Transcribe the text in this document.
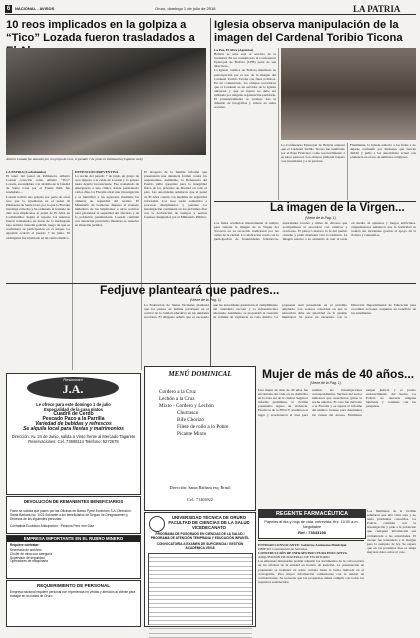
6	NACIONAL - AVISOS	Oruro, domingo 1 de julio de 2018	LA PATRIA
10 reos implicados en la golpiza a “Tico” Lozada fueron trasladados a
Alberto Lozada fue atacado por un grupo de reos, el pasado 7 de junio en Palmasola (Captura web).
LA PATRIA (Cochabamba)
El tenor del penal de Palmasola, Alberto Lozada conocido como Alberto “Tico” Lozada, excandidato a la alcaldía de la Ciudad de Santa Cruz por el Frente PAP, fue trasladado...
Lozada recibió una golpiza por parte de otros reos que lo agredieron en el penal de Palmasola de Santa Cruz, por lo que la Fiscalía investiga el hecho y ha ordenado el traslado de diez reos implicados al penal de El Abra en Cochabamba. Según el reporte, los internos fueron trasladados en horas de la madrugada bajo estricta custodia policial, luego de que se confirmara su participación en el ataque. La agresión ocurrió el pasado 7 de junio. El exdirigente fue internado en un centro médico.
DETENCIÓN PREVENTIVA
La noche del pasado 7 de junio un grupo de reos ingresó a la celda de Lozada y lo golpeó hasta dejarlo inconsciente. Fue trasladado de emergencia a una clínica donde permaneció varios días. La Fiscalía abrió una investigación y se identificó a los agresores mediante las cámaras de seguridad del recinto. El Ministerio de Gobierno dispuso el traslado inmediato de los implicados a otros recintos para garantizar la seguridad del afectado y de la población penitenciaria. Lozada continúa con detención preventiva mientras se resuelve su situación jurídica.
El abogado de la familia informó que presentarán una denuncia formal contra los responsables. Asimismo, la Defensoría del Pueblo pidió garantías para la integridad física de los privados de libertad en todo el país. Las autoridades señalaron que el penal de El Abra cuenta con medidas de seguridad reforzadas. Los reos serán sometidos a procesos disciplinarios y penales. La investigación continuará en los próximos días con la declaración de testigos y peritos forenses designados por el Ministerio Público.
Iglesia observa manipulación de la imagen del Cardenal Toribio Ticona
La Paz, El Abra (Agencias)
Bolivia se sabe está al servicio de la Sociedad. En un comunicado la Conferencia Episcopal de Bolivia (CEB) parte de sus directivos...
La Iglesia católica de Bolivia manifestó su preocupación por el uso de la imagen del Cardenal Toribio Ticona con fines políticos. En un comunicado, los obispos recordaron que el Cardenal es un servidor de la Iglesia universal y que su figura no debe ser utilizada por ninguna organización partidaria. El pronunciamiento se produjo tras la difusión de fotografías y videos en redes sociales.
La Conferencia Episcopal de Bolivia expresó que el Cardenal Toribio Ticona fue nombrado por el Papa Francisco como reconocimiento a su labor pastoral. Los obispos pidieron respeto a su investidura y a su persona.
Finalmente, la Iglesia exhortó a los fieles a no dejarse confundir por mensajes que buscan dividir y pidió a las autoridades actuar con prudencia en el uso de símbolos religiosos.
La imagen de la Virgen...
(Viene de la Pag. 1)
Los fieles acudieron masivamente al templo para venerar la imagen de la Virgen del Socavón en su recorrido tradicional por las calles de la ciudad. La celebración contó con la participación de fraternidades folklóricas, autoridades locales y miles de devotos que acompañaron la procesión con cánticos y oraciones. El párroco destacó la fe del pueblo orureño y pidió mantener viva la tradición. La imagen retornó a su santuario al caer la tarde en medio de aplausos y fuegos artificiales. Organizadores señalaron que la festividad se realizó sin incidentes gracias al apoyo de la Policía y voluntarios.
Fedjuve planteará que padres...
(Viene de la Pag. 1)
La Federación de Juntas Vecinales planteará que los padres de familia participen en el control de la calidad educativa en las unidades escolares. El dirigente señaló que es necesario que las autoridades garanticen el cumplimiento del calendario escolar y la infraestructura adecuada. Asimismo, se propondrá la creación de comités de vigilancia en cada distrito. La propuesta será presentada en el próximo ampliado. Los vecinos coinciden en que la educación debe ser prioridad en la gestión municipal. Se prevé un encuentro con la Dirección Departamental de Educación para coordinar acciones conjuntas en beneficio de los estudiantes.
Restaurant
J.A.
Le ofrece para este domingo 1 de julio
Especialidad de la casa platos
Cuadril de Cerdo
Pescado Paco a la Parrilla
Variedad de bebidas y refrescos
Se alquila local para fiestas y matrimonios
Dirección: Av. 24 de Junio, salida a Vinto frente al Mercado Tagarete
Reservaciones: Cel. 73609114 Telefono: 5272678
MENÚ DOMINICAL
Cordero a la Cruz
Lechón a la Cruz
Mixto - Cordero y Lechón
Churrasco
Bife Chorizo
Filete de rollo a lo Pobre
Picante Mixto
Dirección: Santa Bárbara esq. Brasil
Cel.: 71404922
Mujer de más de 40 años...
(Viene de la Pag. 1)
Una mujer de más de 40 años fue encontrada sin vida en su domicilio en la zona sur de la ciudad. Según el informe preliminar, la víctima presentaba signos de violencia. Efectivos de la FELCV acudieron al lugar y acordonaron el área para realizar las investigaciones correspondientes. Vecinos del sector indicaron que escucharon gritos la noche anterior. El caso fue derivado a la Fiscalía y se espera el informe del médico forense para determinar las causas del deceso. Familiares exigen justicia y el pronto esclarecimiento del hecho. La Policía no descarta ninguna hipótesis y continúa con las pesquisas.
DEVOLUCIÓN DE REMANENTES BENEFICIARIOS
Favor se solicita que pasen por las Oficinas de Banco Pyme Ecofuturo S.A. Dirección Santa Bárbara No. 1023 Sobrante a los beneficiarios de Seguro de Desgravamen y Decesos de los siguientes personas:
Contratista Ecofuturo Anticipación · Persona Pero vive Diaz
EMPRESA IMPORTANTE EN EL RUBRO MINERO
Requiere contratar:
Secretaria de archivos
Chofer de mina con categoría
Supervisor de seguridad
Operadores de maquinaria
REQUERIMIENTO DE PERSONAL
Empresa nacional requiere personal con experiencia en ventas y atención al cliente para trabajar en la ciudad de Oruro.
UNIVERSIDAD TÉCNICA DE ORURO
FACULTAD DE CIENCIAS DE LA SALUD
VICEDECANATO
PROGRAMA DE POSGRADO EN CIENCIAS DE LA SALUD / PROGRAMA DE ATENCIÓN TEMPRANA Y EDUCACIÓN INFANTIL
CONVOCATORIA A EXAMEN DE SUFICIENCIA / GESTIÓN ACADÉMICA I/2018
REGENTE FARMACÉUTICA
Papeles al día y hoja de vida, entrevista Hrs. 10:00 a.m., Negotiable
Ref.: 73543198
ENTIDAD CONVOCANTE: Gobierno Autónomo Municipal
OBJETO: Contratación de Servicios
CONSTRUCCIÓN DE INFRAESTRUCTURA EDUCATIVA
ADQUISICIÓN DE MATERIAL DE ESCRITORIO
Las empresas interesadas podrán adquirir los documentos de la convocatoria en las oficinas de la entidad en horario de atención. La presentación de propuestas se realizará en sobre cerrado hasta la fecha indicada en el cronograma. Para mayor información comunicarse con la unidad de contrataciones. Se recuerda que las propuestas deben cumplir con todos los requisitos establecidos.
Los familiares de la víctima señalaron que ella vivía sola y no tenía problemas conocidos. La Policía continúa con la investigación y pide a la población que cualquier información sea comunicada a las autoridades. El cuerpo fue trasladado a la morgue para la autopsia de ley. Se espera que en los próximos días se tenga mayores datos sobre el caso.
